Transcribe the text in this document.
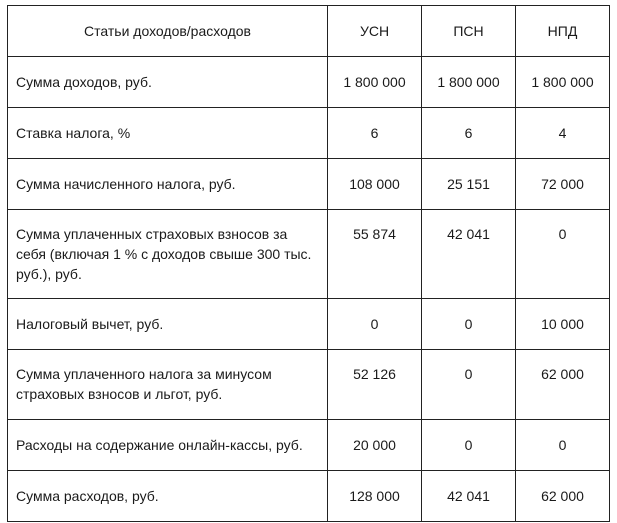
Статьи доходов/расходов	УСН	ПСН	НПД
Сумма доходов, руб.	1 800 000	1 800 000	1 800 000
Ставка налога, %	6	6	4
Сумма начисленного налога, руб.	108 000	25 151	72 000
Сумма уплаченных страховых взносов за себя (включая 1 % с доходов свыше 300 тыс. руб.), руб.	55 874	42 041	0
Налоговый вычет, руб.	0	0	10 000
Сумма уплаченного налога за минусом страховых взносов и льгот, руб.	52 126	0	62 000
Расходы на содержание онлайн-кассы, руб.	20 000	0	0
Сумма расходов, руб.	128 000	42 041	62 000
